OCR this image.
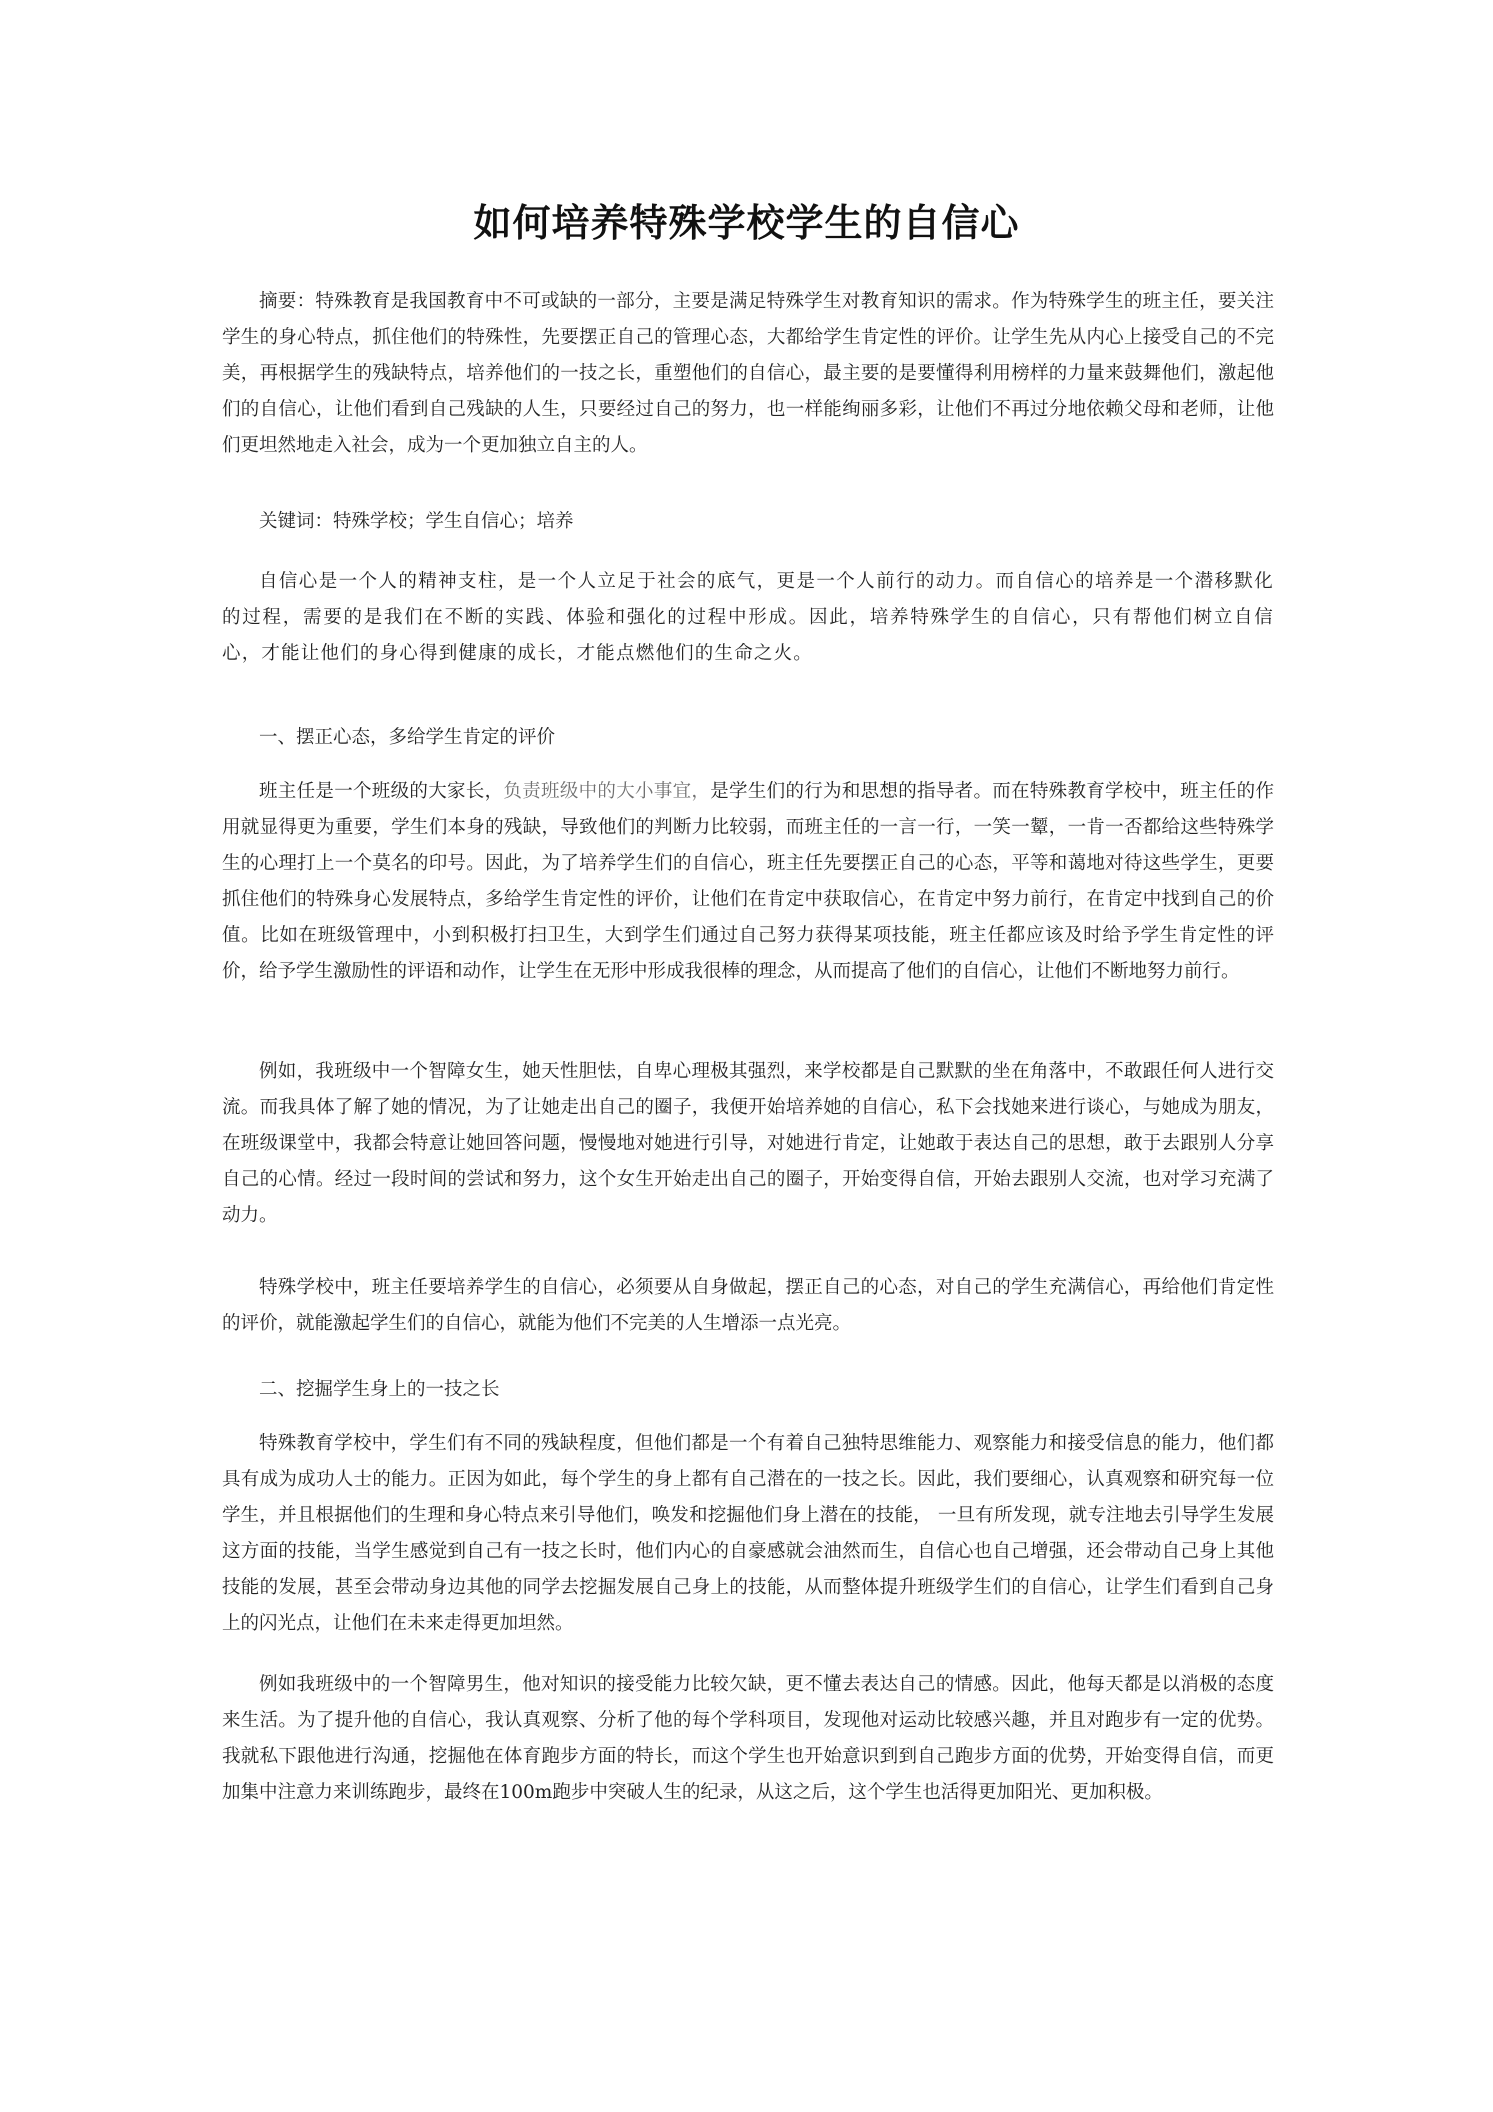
如何培养特殊学校学生的自信心

摘要：特殊教育是我国教育中不可或缺的一部分，主要是满足特殊学生对教育知识的需求。作为特殊学生的班主任，要关注学生的身心特点，抓住他们的特殊性，先要摆正自己的管理心态，大都给学生肯定性的评价。让学生先从内心上接受自己的不完美，再根据学生的残缺特点，培养他们的一技之长，重塑他们的自信心，最主要的是要懂得利用榜样的力量来鼓舞他们，激起他们的自信心，让他们看到自己残缺的人生，只要经过自己的努力，也一样能绚丽多彩，让他们不再过分地依赖父母和老师，让他们更坦然地走入社会，成为一个更加独立自主的人。

关键词：特殊学校；学生自信心；培养

自信心是一个人的精神支柱，是一个人立足于社会的底气，更是一个人前行的动力。而自信心的培养是一个潜移默化的过程，需要的是我们在不断的实践、体验和强化的过程中形成。因此，培养特殊学生的自信心，只有帮他们树立自信心，才能让他们的身心得到健康的成长，才能点燃他们的生命之火。

一、摆正心态，多给学生肯定的评价

班主任是一个班级的大家长，负责班级中的大小事宜，是学生们的行为和思想的指导者。而在特殊教育学校中，班主任的作用就显得更为重要，学生们本身的残缺，导致他们的判断力比较弱，而班主任的一言一行，一笑一颦，一肯一否都给这些特殊学生的心理打上一个莫名的印号。因此，为了培养学生们的自信心，班主任先要摆正自己的心态，平等和蔼地对待这些学生，更要抓住他们的特殊身心发展特点，多给学生肯定性的评价，让他们在肯定中获取信心，在肯定中努力前行，在肯定中找到自己的价值。比如在班级管理中，小到积极打扫卫生，大到学生们通过自己努力获得某项技能，班主任都应该及时给予学生肯定性的评价，给予学生激励性的评语和动作，让学生在无形中形成我很棒的理念，从而提高了他们的自信心，让他们不断地努力前行。

例如，我班级中一个智障女生，她天性胆怯，自卑心理极其强烈，来学校都是自己默默的坐在角落中，不敢跟任何人进行交流。而我具体了解了她的情况，为了让她走出自己的圈子，我便开始培养她的自信心，私下会找她来进行谈心，与她成为朋友，在班级课堂中，我都会特意让她回答问题，慢慢地对她进行引导，对她进行肯定，让她敢于表达自己的思想，敢于去跟别人分享自己的心情。经过一段时间的尝试和努力，这个女生开始走出自己的圈子，开始变得自信，开始去跟别人交流，也对学习充满了动力。

特殊学校中，班主任要培养学生的自信心，必须要从自身做起，摆正自己的心态，对自己的学生充满信心，再给他们肯定性的评价，就能激起学生们的自信心，就能为他们不完美的人生增添一点光亮。

二、挖掘学生身上的一技之长

特殊教育学校中，学生们有不同的残缺程度，但他们都是一个有着自己独特思维能力、观察能力和接受信息的能力，他们都具有成为成功人士的能力。正因为如此，每个学生的身上都有自己潜在的一技之长。因此，我们要细心，认真观察和研究每一位学生，并且根据他们的生理和身心特点来引导他们，唤发和挖掘他们身上潜在的技能， 一旦有所发现，就专注地去引导学生发展这方面的技能，当学生感觉到自己有一技之长时，他们内心的自豪感就会油然而生，自信心也自己增强，还会带动自己身上其他技能的发展，甚至会带动身边其他的同学去挖掘发展自己身上的技能，从而整体提升班级学生们的自信心，让学生们看到自己身上的闪光点，让他们在未来走得更加坦然。

例如我班级中的一个智障男生，他对知识的接受能力比较欠缺，更不懂去表达自己的情感。因此，他每天都是以消极的态度来生活。为了提升他的自信心，我认真观察、分析了他的每个学科项目，发现他对运动比较感兴趣，并且对跑步有一定的优势。我就私下跟他进行沟通，挖掘他在体育跑步方面的特长，而这个学生也开始意识到到自己跑步方面的优势，开始变得自信，而更加集中注意力来训练跑步，最终在100m跑步中突破人生的纪录，从这之后，这个学生也活得更加阳光、更加积极。
